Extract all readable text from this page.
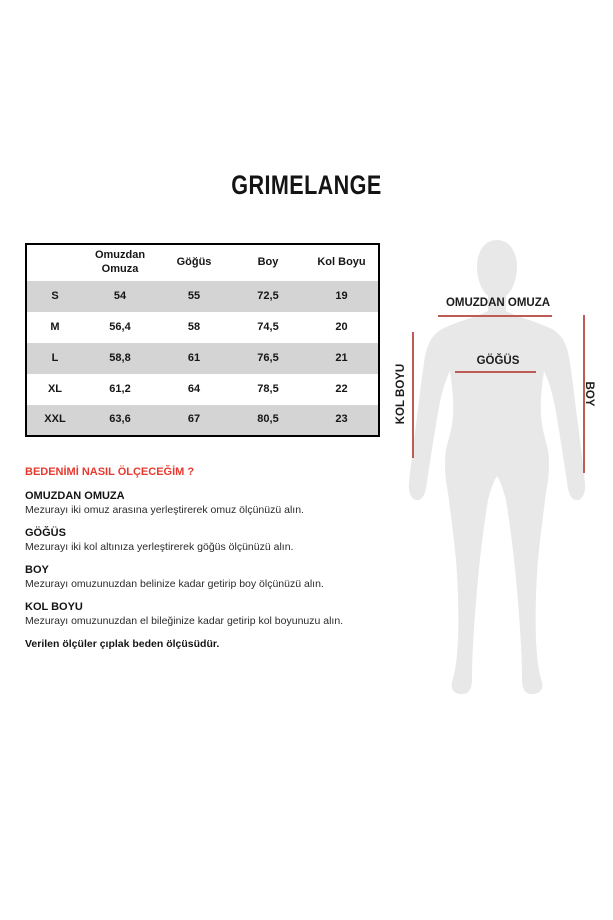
GRIMELANGE
	Omuzdan Omuza	Göğüs	Boy	Kol Boyu
S	54	55	72,5	19
M	56,4	58	74,5	20
L	58,8	61	76,5	21
XL	61,2	64	78,5	22
XXL	63,6	67	80,5	23
OMUZDAN OMUZA
GÖĞÜS
KOL BOYU	BOY
BEDENİMİ NASIL ÖLÇECEĞİM ?
OMUZDAN OMUZA
Mezurayı iki omuz arasına yerleştirerek omuz ölçünüzü alın.
GÖĞÜS
Mezurayı iki kol altınıza yerleştirerek göğüs ölçünüzü alın.
BOY
Mezurayı omuzunuzdan belinize kadar getirip boy ölçünüzü alın.
KOL BOYU
Mezurayı omuzunuzdan el bileğinize kadar getirip kol boyunuzu alın.
Verilen ölçüler çıplak beden ölçüsüdür.
